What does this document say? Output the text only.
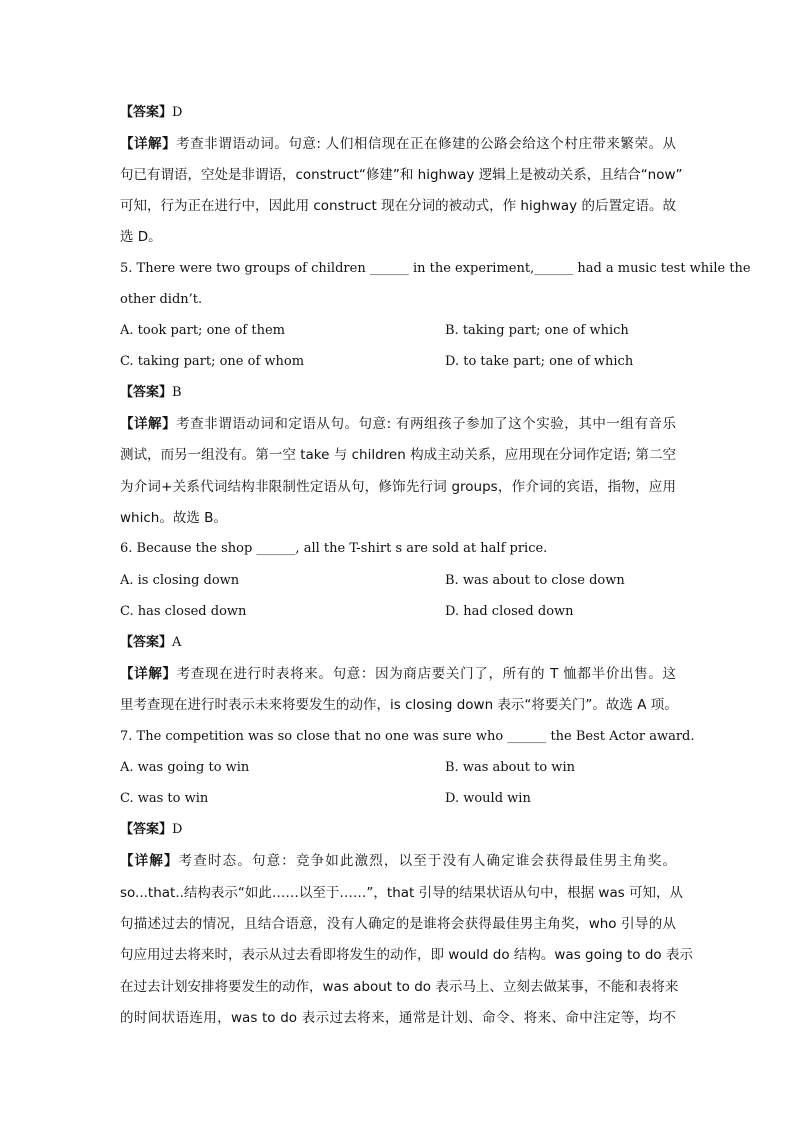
【答案】D
【详解】考查非谓语动词。句意: 人们相信现在正在修建的公路会给这个村庄带来繁荣。从
句已有谓语，空处是非谓语，construct“修建”和 highway 逻辑上是被动关系，且结合“now”
可知，行为正在进行中，因此用 construct 现在分词的被动式，作 highway 的后置定语。故
选 D。
5. There were two groups of children ______ in the experiment,______ had a music test while the
other didn’t.
A. took part; one of them	B. taking part; one of which
C. taking part; one of whom	D. to take part; one of which
【答案】B
【详解】考查非谓语动词和定语从句。句意: 有两组孩子参加了这个实验，其中一组有音乐
测试，而另一组没有。第一空 take 与 children 构成主动关系，应用现在分词作定语; 第二空
为介词+关系代词结构非限制性定语从句，修饰先行词 groups，作介词的宾语，指物，应用
which。故选 B。
6. Because the shop ______, all the T-shirt s are sold at half price.
A. is closing down	B. was about to close down
C. has closed down	D. had closed down
【答案】A
【详解】考查现在进行时表将来。句意：因为商店要关门了，所有的 T 恤都半价出售。这
里考查现在进行时表示未来将要发生的动作，is closing down 表示“将要关门”。故选 A 项。
7. The competition was so close that no one was sure who ______ the Best Actor award.
A. was going to win	B. was about to win
C. was to win	D. would win
【答案】D
【详解】考查时态。句意：竞争如此激烈，以至于没有人确定谁会获得最佳男主角奖。
so...that..结构表示“如此……以至于……”，that 引导的结果状语从句中，根据 was 可知，从
句描述过去的情况，且结合语意，没有人确定的是谁将会获得最佳男主角奖，who 引导的从
句应用过去将来时，表示从过去看即将发生的动作，即 would do 结构。was going to do 表示
在过去计划安排将要发生的动作，was about to do 表示马上、立刻去做某事，不能和表将来
的时间状语连用，was to do 表示过去将来，通常是计划、命令、将来、命中注定等，均不
